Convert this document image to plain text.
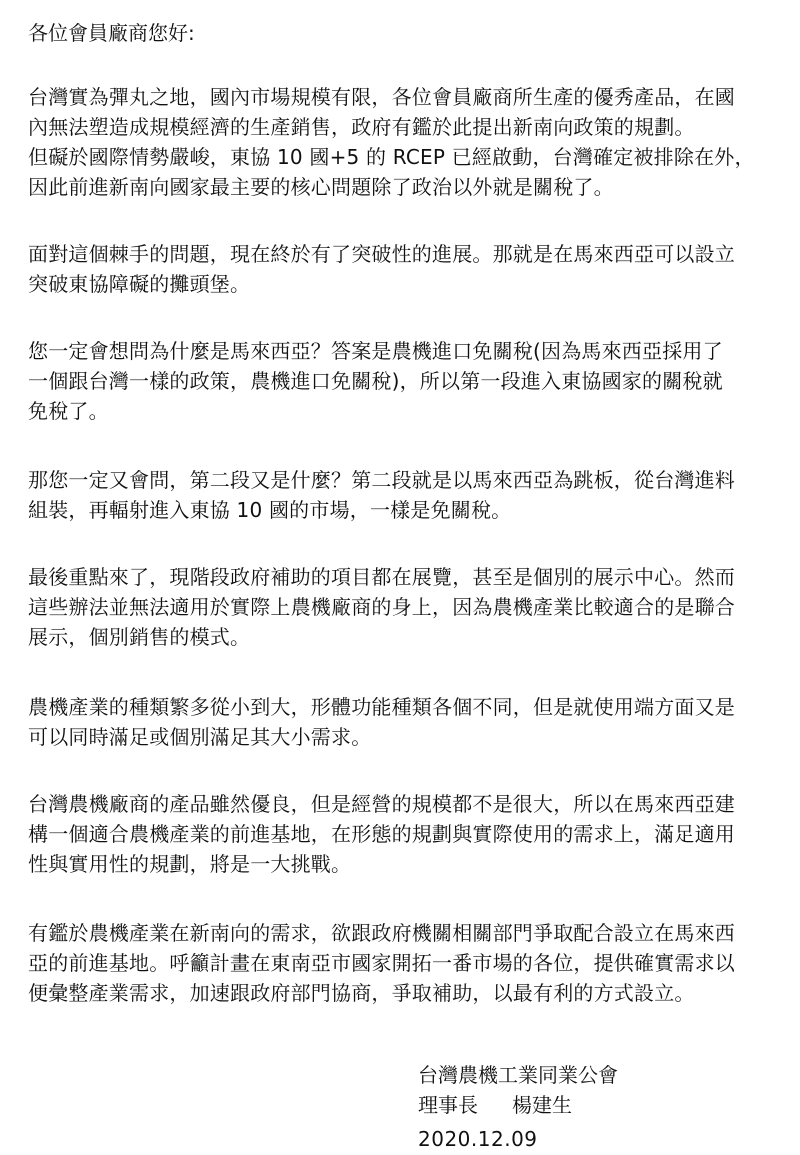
各位會員廠商您好:

台灣實為彈丸之地，國內市場規模有限，各位會員廠商所生產的優秀產品，在國
內無法塑造成規模經濟的生產銷售，政府有鑑於此提出新南向政策的規劃。
但礙於國際情勢嚴峻，東協 10 國+5 的 RCEP 已經啟動，台灣確定被排除在外，
因此前進新南向國家最主要的核心問題除了政治以外就是關稅了。

面對這個棘手的問題，現在終於有了突破性的進展。那就是在馬來西亞可以設立
突破東協障礙的攤頭堡。

您一定會想問為什麼是馬來西亞？答案是農機進口免關稅(因為馬來西亞採用了
一個跟台灣一樣的政策，農機進口免關稅)，所以第一段進入東協國家的關稅就
免稅了。

那您一定又會問，第二段又是什麼？第二段就是以馬來西亞為跳板，從台灣進料
組裝，再輻射進入東協 10 國的市場，一樣是免關稅。

最後重點來了，現階段政府補助的項目都在展覽，甚至是個別的展示中心。然而
這些辦法並無法適用於實際上農機廠商的身上，因為農機產業比較適合的是聯合
展示，個別銷售的模式。

農機產業的種類繁多從小到大，形體功能種類各個不同，但是就使用端方面又是
可以同時滿足或個別滿足其大小需求。

台灣農機廠商的產品雖然優良，但是經營的規模都不是很大，所以在馬來西亞建
構一個適合農機產業的前進基地，在形態的規劃與實際使用的需求上，滿足適用
性與實用性的規劃，將是一大挑戰。

有鑑於農機產業在新南向的需求，欲跟政府機關相關部門爭取配合設立在馬來西
亞的前進基地。呼籲計畫在東南亞市國家開拓一番市場的各位，提供確實需求以
便彙整產業需求，加速跟政府部門協商，爭取補助，以最有利的方式設立。

台灣農機工業同業公會
理事長 楊建生
2020.12.09
